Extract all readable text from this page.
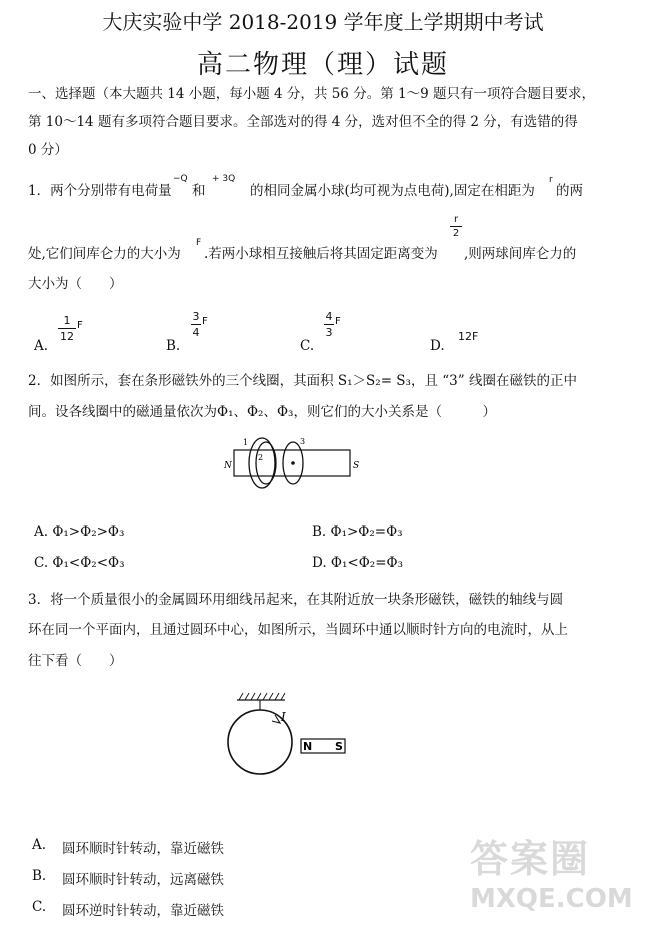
大庆实验中学 2018-2019 学年度上学期期中考试
高二物理（理）试题
一、选择题（本大题共 14 小题，每小题 4 分，共 56 分。第 1～9 题只有一项符合题目要求，
第 10～14 题有多项符合题目要求。全部选对的得 4 分，选对但不全的得 2 分，有选错的得
0 分）
1．两个分别带有电荷量
−Q
和
+ 3Q
的相同金属小球(均可视为点电荷),固定在相距为
r
的两
处,它们间库仑力的大小为
F
.若两小球相互接触后将其固定距离变为
r
2
,则两球间库仑力的
大小为（　　）
A.
1
12
F
B.
3
4
F
C.
4
3
F
D.
12F
2．如图所示，套在条形磁铁外的三个线圈，其面积 S₁＞S₂= S₃，且 “3” 线圈在磁铁的正中
间。设各线圈中的磁通量依次为Φ₁、Φ₂、Φ₃，则它们的大小关系是（　　　）
N	S
1
2
3
A. Φ₁>Φ₂>Φ₃	B. Φ₁>Φ₂=Φ₃
C. Φ₁<Φ₂<Φ₃	D. Φ₁<Φ₂=Φ₃
3．将一个质量很小的金属圆环用细线吊起来，在其附近放一块条形磁铁，磁铁的轴线与圆
环在同一个平面内，且通过圆环中心，如图所示，当圆环中通以顺时针方向的电流时，从上
往下看（　　）
I
N S
A. 圆环顺时针转动，靠近磁铁
B. 圆环顺时针转动，远离磁铁
C. 圆环逆时针转动，靠近磁铁
答案圈
MXQE.COM
